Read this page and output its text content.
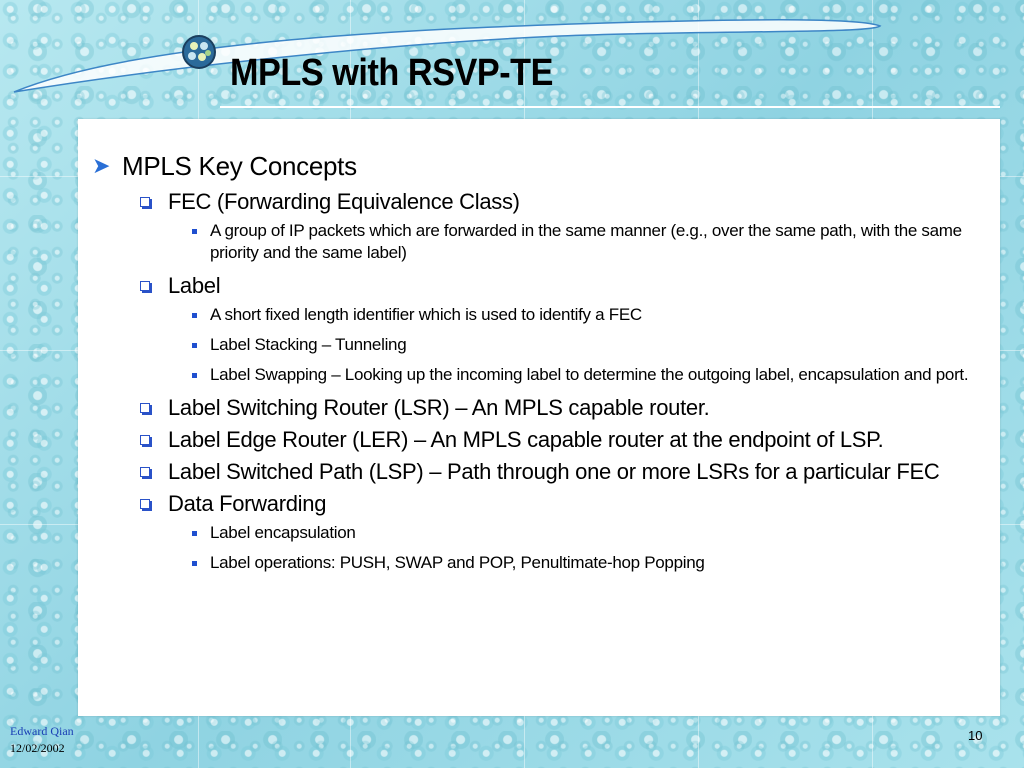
MPLS with RSVP-TE
➤ MPLS Key Concepts
FEC (Forwarding Equivalence Class)
A group of IP packets which are forwarded in the same manner (e.g., over the same path, with the same priority and the same label)
Label
A short fixed length identifier which is used to identify a FEC
Label Stacking – Tunneling
Label Swapping – Looking up the incoming label to determine the outgoing label, encapsulation and port.
Label Switching Router (LSR) – An MPLS capable router.
Label Edge Router (LER) – An MPLS capable router at the endpoint of LSP.
Label Switched Path (LSP) – Path through one or more LSRs for a particular FEC
Data Forwarding
Label encapsulation
Label operations: PUSH, SWAP and POP, Penultimate-hop Popping

Edward Qian

12/02/2002

10
